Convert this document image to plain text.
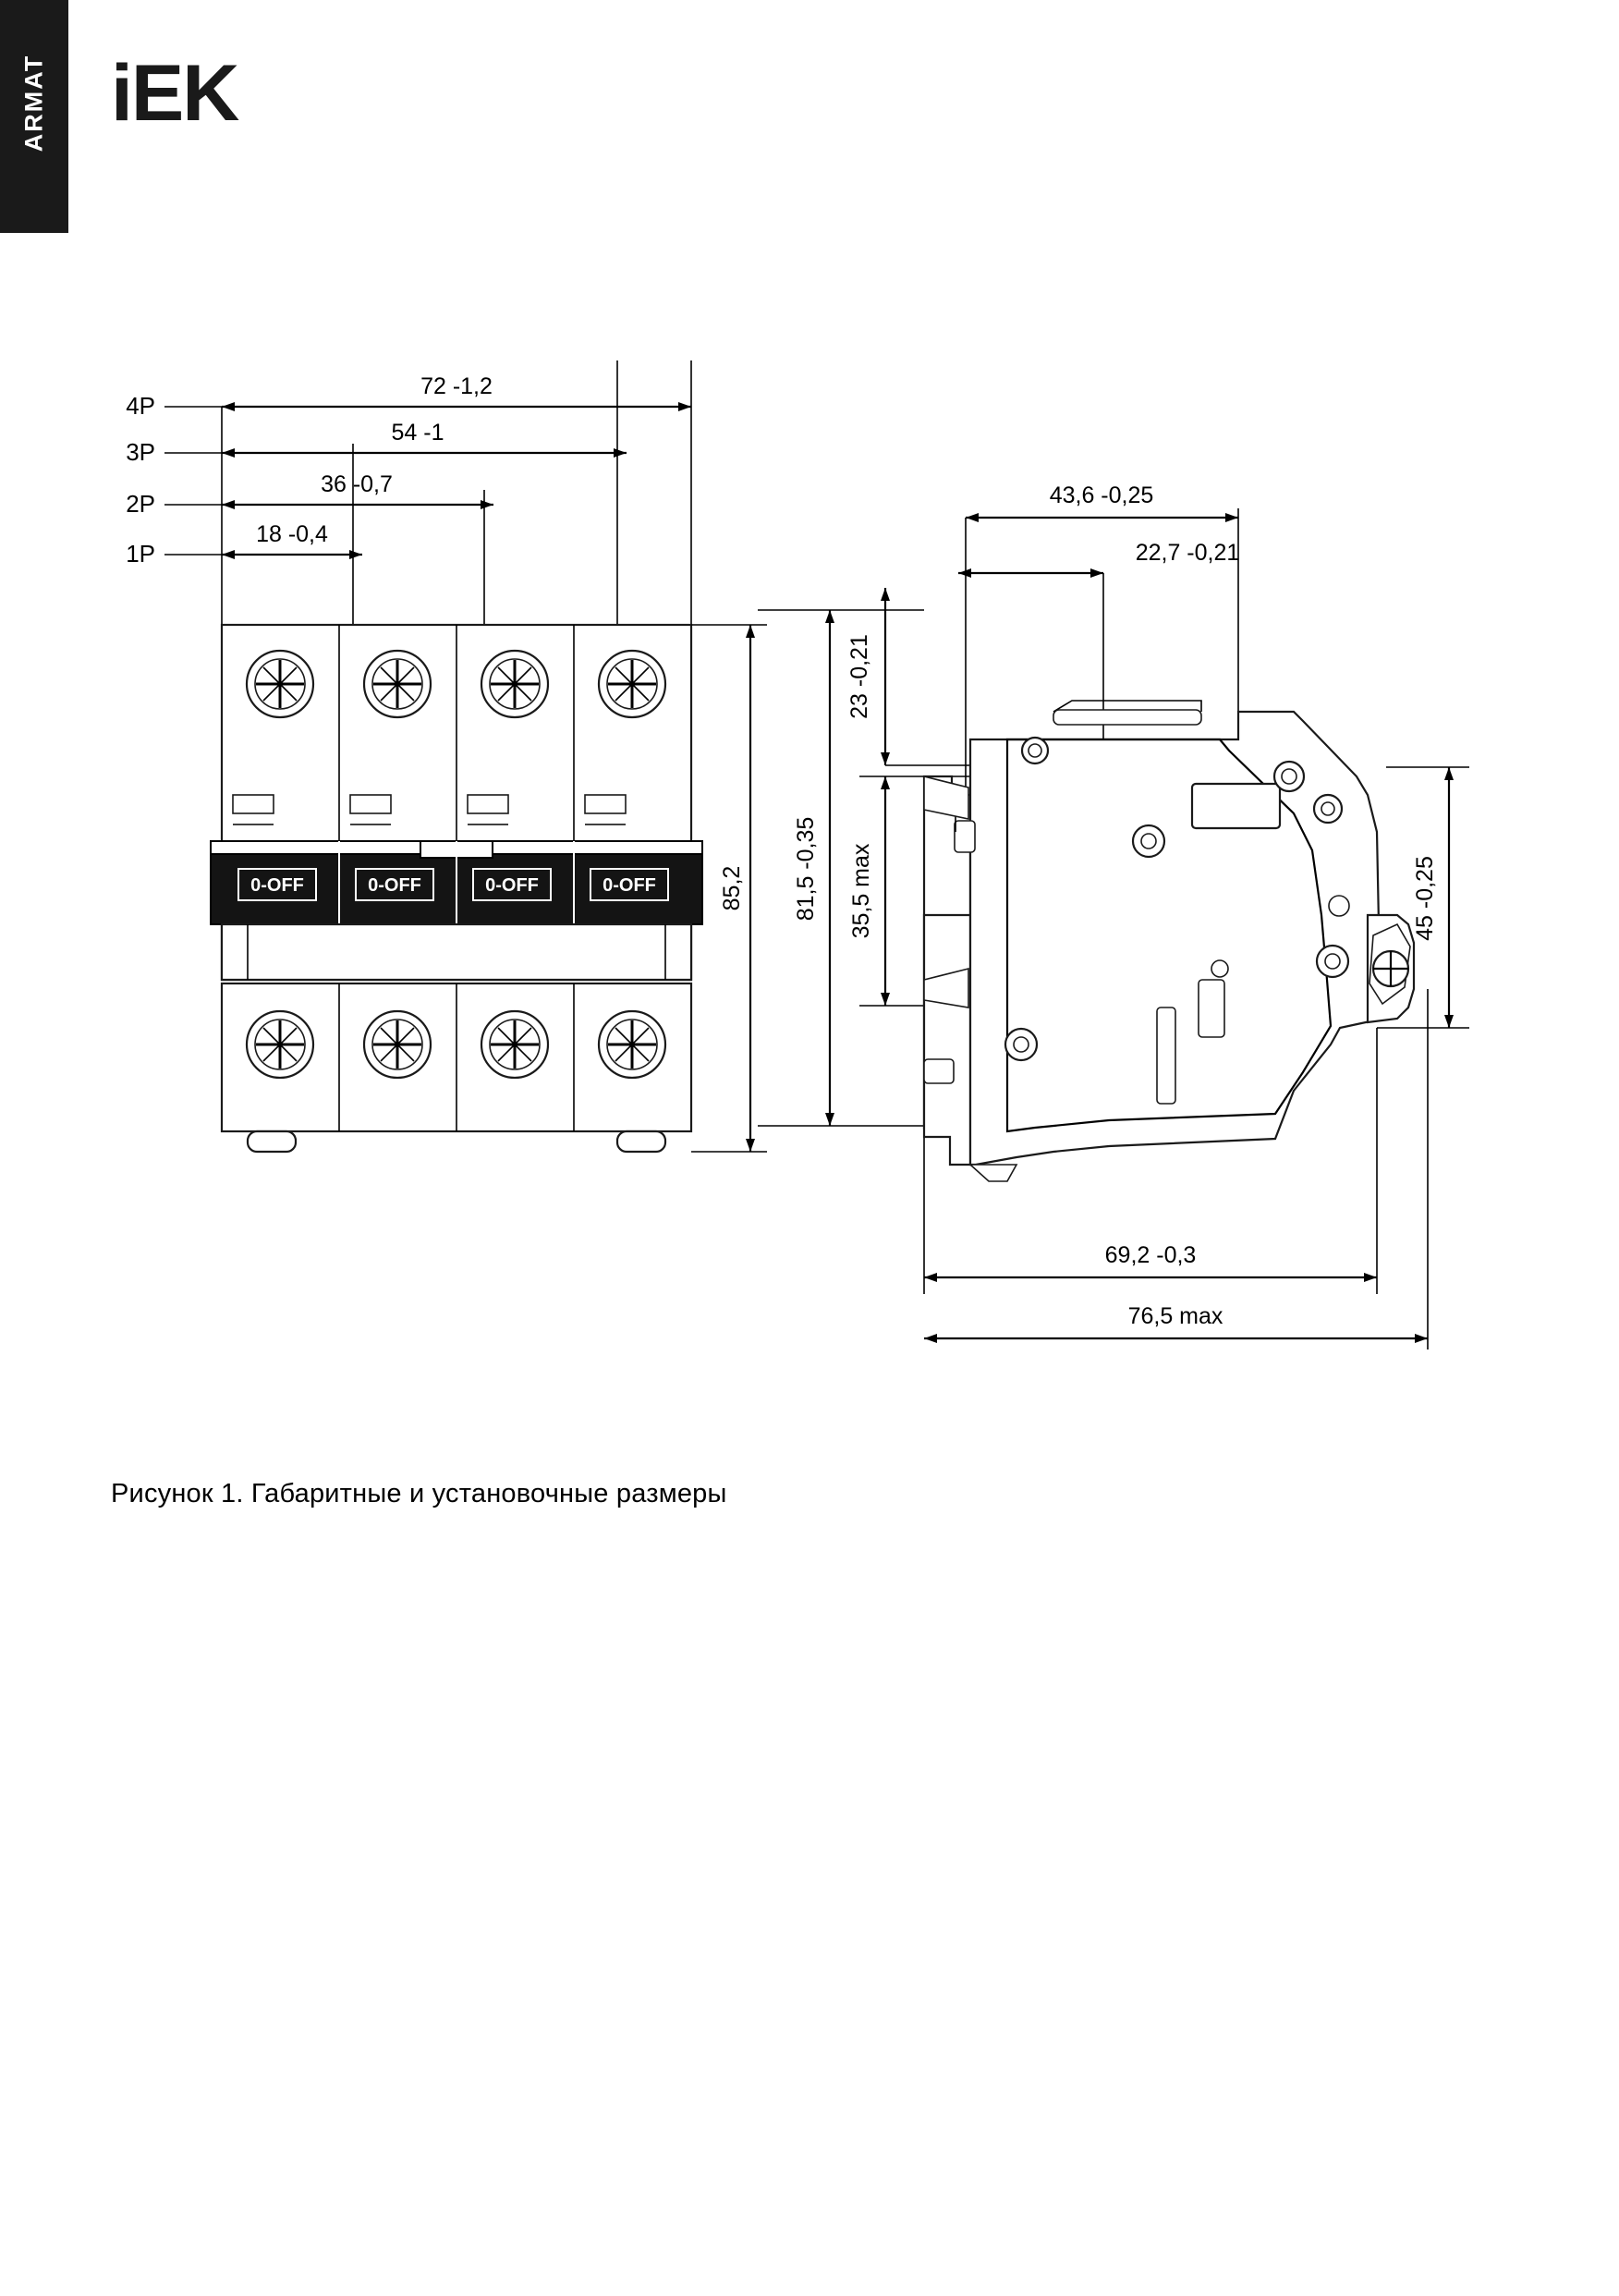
ARMAT iEK
4P
3P
2P
1P
72 -1,2
54 -1
36 -0,7
18 -0,4
0-OFF	0-OFF	0-OFF	0-OFF	85,2
43,6 -0,25
22,7 -0,21
23 -0,21
81,5 -0,35 35,5 max	45 -0,25
69,2 -0,3
76,5 max
Рисунок 1. Габаритные и установочные размеры
